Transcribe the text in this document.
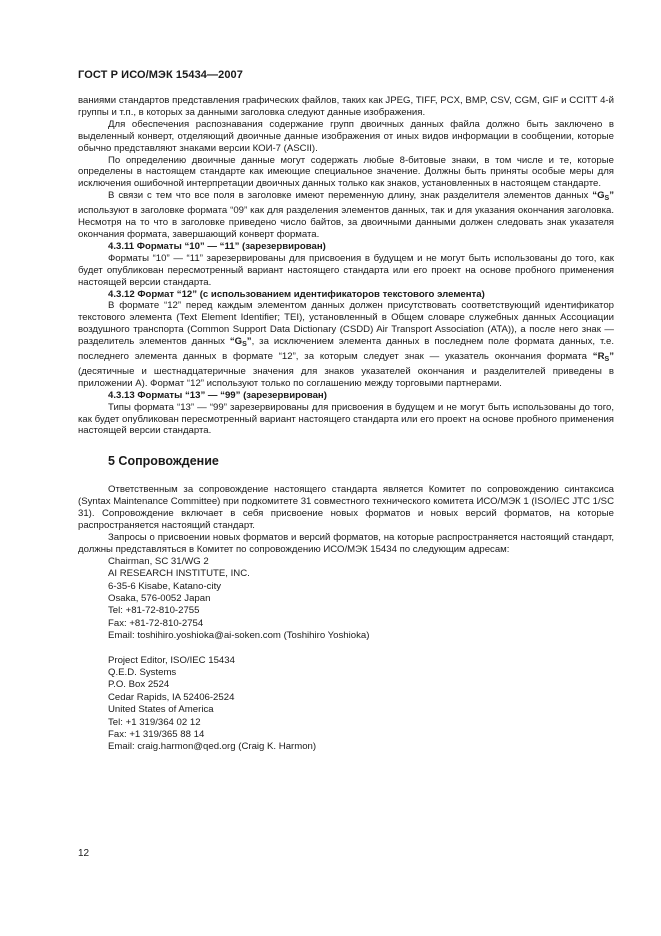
ГОСТ Р ИСО/МЭК 15434—2007

ваниями стандартов представления графических файлов, таких как JPEG, TIFF, PCX, BMP, CSV, CGM, GIF и CCITT 4-й группы и т.п., в которых за данными заголовка следуют данные изображения.

Для обеспечения распознавания содержание групп двоичных данных файла должно быть заключено в выделенный конверт, отделяющий двоичные данные изображения от иных видов информации в сообщении, которые обычно представляют знаками версии КОИ-7 (ASCII).

По определению двоичные данные могут содержать любые 8-битовые знаки, в том числе и те, которые определены в настоящем стандарте как имеющие специальное значение. Должны быть приняты особые меры для исключения ошибочной интерпретации двоичных данных только как знаков, установленных в настоящем стандарте.

В связи с тем что все поля в заголовке имеют переменную длину, знак разделителя элементов данных “$G_S$” используют в заголовке формата “09” как для разделения элементов данных, так и для указания окончания заголовка. Несмотря на то что в заголовке приведено число байтов, за двоичными данными должен следовать знак указателя окончания формата, завершающий конверт формата.

4.3.11 Форматы “10” — “11” (зарезервирован)

Форматы “10” — “11” зарезервированы для присвоения в будущем и не могут быть использованы до того, как будет опубликован пересмотренный вариант настоящего стандарта или его проект на основе пробного применения настоящей версии стандарта.

4.3.12 Формат “12” (с использованием идентификаторов текстового элемента)

В формате “12” перед каждым элементом данных должен присутствовать соответствующий идентификатор текстового элемента (Text Element Identifier; TEI), установленный в Общем словаре служебных данных Ассоциации воздушного транспорта (Common Support Data Dictionary (CSDD) Air Transport Association (ATA)), а после него знак — разделитель элементов данных “$G_S$”, за исключением элемента данных в последнем поле формата данных, т.е. последнего элемента данных в формате “12”, за которым следует знак — указатель окончания формата “$R_S$” (десятичные и шестнадцатеричные значения для знаков указателей окончания и разделителей приведены в приложении А). Формат “12” используют только по соглашению между торговыми партнерами.

4.3.13 Форматы “13” — “99” (зарезервирован)

Типы формата “13” — “99” зарезервированы для присвоения в будущем и не могут быть использованы до того, как будет опубликован пересмотренный вариант настоящего стандарта или его проект на основе пробного применения настоящей версии стандарта.

5 Сопровождение

Ответственным за сопровождение настоящего стандарта является Комитет по сопровождению синтаксиса (Syntax Maintenance Committee) при подкомитете 31 совместного технического комитета ИСО/МЭК 1 (ISO/IEC JTC 1/SC 31). Сопровождение включает в себя присвоение новых форматов и новых версий форматов, на которые распространяется настоящий стандарт.

Запросы о присвоении новых форматов и версий форматов, на которые распространяется настоящий стандарт, должны представляться в Комитет по сопровождению ИСО/МЭК 15434 по следующим адресам:

Chairman, SC 31/WG 2
AI RESEARCH INSTITUTE, INC.
6-35-6 Kisabe, Katano-city
Osaka, 576-0052 Japan
Tel: +81-72-810-2755
Fax: +81-72-810-2754
Email: toshihiro.yoshioka@ai-soken.com (Toshihiro Yoshioka)
Project Editor, ISO/IEC 15434
Q.E.D. Systems
P.O. Box 2524
Cedar Rapids, IA 52406-2524
United States of America
Tel: +1 319/364 02 12
Fax: +1 319/365 88 14
Email: craig.harmon@qed.org (Craig K. Harmon)
12
